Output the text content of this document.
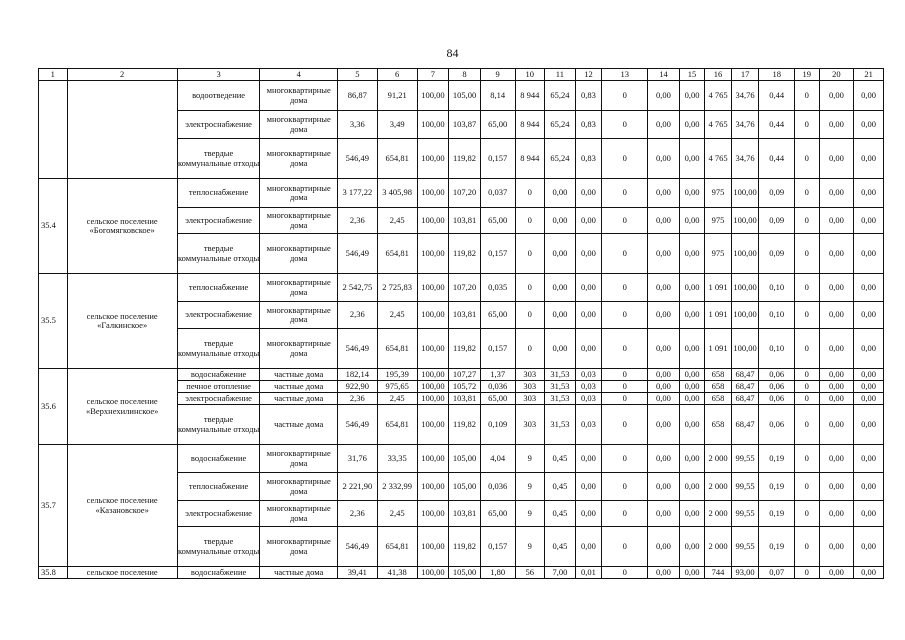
84
1	2	3	4	5	6	7	8	9	10	11	12	13	14	15	16	17	18	19	20	21
		водоотведение	многоквартирные дома	86,87	91,21	100,00	105,00	8,14	8 944	65,24	0,83	0	0,00	0,00	4 765	34,76	0,44	0	0,00	0,00
		электроснабжение	многоквартирные дома	3,36	3,49	100,00	103,87	65,00	8 944	65,24	0,83	0	0,00	0,00	4 765	34,76	0,44	0	0,00	0,00
		твердые коммунальные отходы	многоквартирные дома	546,49	654,81	100,00	119,82	0,157	8 944	65,24	0,83	0	0,00	0,00	4 765	34,76	0,44	0	0,00	0,00
35.4	сельское поселение «Богомягковское»	теплоснабжение	многоквартирные дома	3 177,22	3 405,98	100,00	107,20	0,037	0	0,00	0,00	0	0,00	0,00	975	100,00	0,09	0	0,00	0,00
		электроснабжение	многоквартирные дома	2,36	2,45	100,00	103,81	65,00	0	0,00	0,00	0	0,00	0,00	975	100,00	0,09	0	0,00	0,00
		твердые коммунальные отходы	многоквартирные дома	546,49	654,81	100,00	119,82	0,157	0	0,00	0,00	0	0,00	0,00	975	100,00	0,09	0	0,00	0,00
35.5	сельское поселение «Галкинское»	теплоснабжение	многоквартирные дома	2 542,75	2 725,83	100,00	107,20	0,035	0	0,00	0,00	0	0,00	0,00	1 091	100,00	0,10	0	0,00	0,00
		электроснабжение	многоквартирные дома	2,36	2,45	100,00	103,81	65,00	0	0,00	0,00	0	0,00	0,00	1 091	100,00	0,10	0	0,00	0,00
		твердые коммунальные отходы	многоквартирные дома	546,49	654,81	100,00	119,82	0,157	0	0,00	0,00	0	0,00	0,00	1 091	100,00	0,10	0	0,00	0,00
35.6	сельское поселение «Верхнехилинское»	водоснабжение	частные дома	182,14	195,39	100,00	107,27	1,37	303	31,53	0,03	0	0,00	0,00	658	68,47	0,06	0	0,00	0,00
		печное отопление	частные дома	922,90	975,65	100,00	105,72	0,036	303	31,53	0,03	0	0,00	0,00	658	68,47	0,06	0	0,00	0,00
		электроснабжение	частные дома	2,36	2,45	100,00	103,81	65,00	303	31,53	0,03	0	0,00	0,00	658	68,47	0,06	0	0,00	0,00
		твердые коммунальные отходы	частные дома	546,49	654,81	100,00	119,82	0,109	303	31,53	0,03	0	0,00	0,00	658	68,47	0,06	0	0,00	0,00
35.7	сельское поселение «Казановское»	водоснабжение	многоквартирные дома	31,76	33,35	100,00	105,00	4,04	9	0,45	0,00	0	0,00	0,00	2 000	99,55	0,19	0	0,00	0,00
		теплоснабжение	многоквартирные дома	2 221,90	2 332,99	100,00	105,00	0,036	9	0,45	0,00	0	0,00	0,00	2 000	99,55	0,19	0	0,00	0,00
		электроснабжение	многоквартирные дома	2,36	2,45	100,00	103,81	65,00	9	0,45	0,00	0	0,00	0,00	2 000	99,55	0,19	0	0,00	0,00
		твердые коммунальные отходы	многоквартирные дома	546,49	654,81	100,00	119,82	0,157	9	0,45	0,00	0	0,00	0,00	2 000	99,55	0,19	0	0,00	0,00
35.8	сельское поселение	водоснабжение	частные дома	39,41	41,38	100,00	105,00	1,80	56	7,00	0,01	0	0,00	0,00	744	93,00	0,07	0	0,00	0,00
